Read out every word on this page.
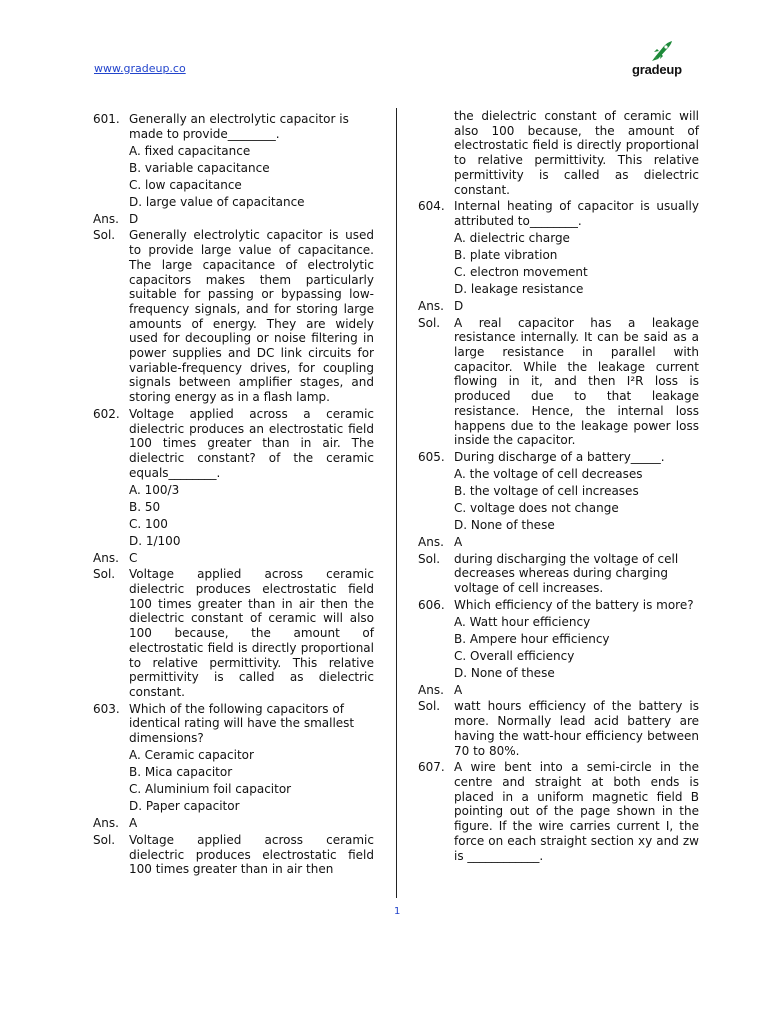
www.gradeup.co	gradeup
601. Generally an electrolytic capacitor is made to provide________.
A. fixed capacitance
B. variable capacitance
C. low capacitance
D. large value of capacitance
Ans. D
Sol.	Generally electrolytic capacitor is used to provide large value of capacitance. The large capacitance of electrolytic capacitors makes them particularly suitable for passing or bypassing low-frequency signals, and for storing large amounts of energy. They are widely used for decoupling or noise filtering in power supplies and DC link circuits for variable-frequency drives, for coupling signals between amplifier stages, and storing energy as in a flash lamp.
602. Voltage applied across a ceramic dielectric produces an electrostatic field 100 times greater than in air. The dielectric constant? of the ceramic equals________.
A. 100/3
B. 50
C. 100
D. 1/100
Ans. C
Sol.	Voltage applied across ceramic dielectric produces electrostatic field 100 times greater than in air then the dielectric constant of ceramic will also 100 because, the amount of electrostatic field is directly proportional to relative permittivity. This relative permittivity is called as dielectric constant.
603. Which of the following capacitors of identical rating will have the smallest dimensions?
A. Ceramic capacitor
B. Mica capacitor
C. Aluminium foil capacitor
D. Paper capacitor
Ans. A
Sol.	Voltage applied across ceramic dielectric produces electrostatic field 100 times greater than in air then
the dielectric constant of ceramic will also 100 because, the amount of electrostatic field is directly proportional to relative permittivity. This relative permittivity is called as dielectric constant.
604. Internal heating of capacitor is usually attributed to________.
A. dielectric charge
B. plate vibration
C. electron movement
D. leakage resistance
Ans. D
Sol.	A real capacitor has a leakage resistance internally. It can be said as a large resistance in parallel with capacitor. While the leakage current flowing in it, and then I²R loss is produced due to that leakage resistance. Hence, the internal loss happens due to the leakage power loss inside the capacitor.
605. During discharge of a battery_____.
A. the voltage of cell decreases
B. the voltage of cell increases
C. voltage does not change
D. None of these
Ans. A
Sol.	during discharging the voltage of cell decreases whereas during charging voltage of cell increases.
606. Which efficiency of the battery is more?
A. Watt hour efficiency
B. Ampere hour efficiency
C. Overall efficiency
D. None of these
Ans. A
Sol.	watt hours efficiency of the battery is more. Normally lead acid battery are having the watt-hour efficiency between 70 to 80%.
607. A wire bent into a semi-circle in the centre and straight at both ends is placed in a uniform magnetic field B pointing out of the page shown in the figure. If the wire carries current I, the force on each straight section xy and zw is ____________.
1
